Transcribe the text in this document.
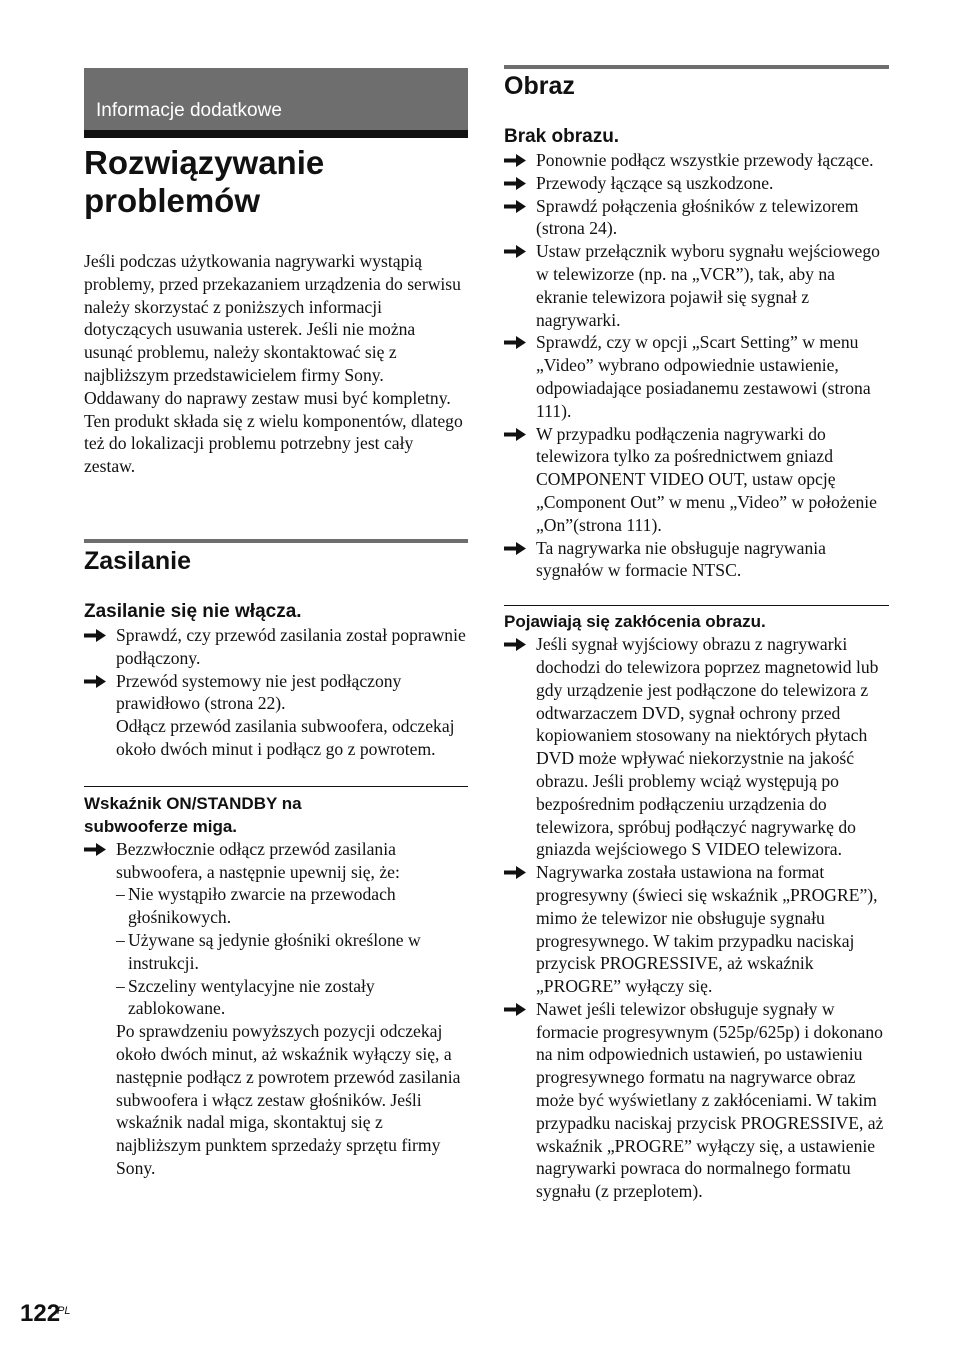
Informacje dodatkowe
Rozwiązywanie
problemów

Jeśli podczas użytkowania nagrywarki wystąpią problemy, przed przekazaniem urządzenia do serwisu należy skorzystać z poniższych informacji dotyczących usuwania usterek. Jeśli nie można usunąć problemu, należy skontaktować się z najbliższym przedstawicielem firmy Sony.

Oddawany do naprawy zestaw musi być kompletny.

Ten produkt składa się z wielu komponentów, dlatego też do lokalizacji problemu potrzebny jest cały zestaw.

Zasilanie
Zasilanie się nie włącza.
Sprawdź, czy przewód zasilania został poprawnie podłączony.
Przewód systemowy nie jest podłączony prawidłowo (strona 22).
Odłącz przewód zasilania subwoofera, odczekaj około dwóch minut i podłącz go z powrotem.
Wskaźnik ON/STANDBY na
subwooferze miga.
Bezzwłocznie odłącz przewód zasilania subwoofera, a następnie upewnij się, że:
– Nie wystąpiło zwarcie na przewodach głośnikowych.
– Używane są jedynie głośniki określone w instrukcji.
– Szczeliny wentylacyjne nie zostały zablokowane.
Po sprawdzeniu powyższych pozycji odczekaj około dwóch minut, aż wskaźnik wyłączy się, a następnie podłącz z powrotem przewód zasilania subwoofera i włącz zestaw głośników. Jeśli wskaźnik nadal miga, skontaktuj się z najbliższym punktem sprzedaży sprzętu firmy Sony.
Obraz
Brak obrazu.
Ponownie podłącz wszystkie przewody łączące.
Przewody łączące są uszkodzone.
Sprawdź połączenia głośników z telewizorem (strona 24).
Ustaw przełącznik wyboru sygnału wejściowego w telewizorze (np. na „VCR”), tak, aby na ekranie telewizora pojawił się sygnał z nagrywarki.
Sprawdź, czy w opcji „Scart Setting” w menu „Video” wybrano odpowiednie ustawienie, odpowiadające posiadanemu zestawowi (strona 111).
W przypadku podłączenia nagrywarki do telewizora tylko za pośrednictwem gniazd COMPONENT VIDEO OUT, ustaw opcję „Component Out” w menu „Video” w położenie „On”(strona 111).
Ta nagrywarka nie obsługuje nagrywania sygnałów w formacie NTSC.
Pojawiają się zakłócenia obrazu.
Jeśli sygnał wyjściowy obrazu z nagrywarki dochodzi do telewizora poprzez magnetowid lub gdy urządzenie jest podłączone do telewizora z odtwarzaczem DVD, sygnał ochrony przed kopiowaniem stosowany na niektórych płytach DVD może wpływać niekorzystnie na jakość obrazu. Jeśli problemy wciąż występują po bezpośrednim podłączeniu urządzenia do telewizora, spróbuj podłączyć nagrywarkę do gniazda wejściowego S VIDEO telewizora.
Nagrywarka została ustawiona na format progresywny (świeci się wskaźnik „PROGRE”), mimo że telewizor nie obsługuje sygnału progresywnego. W takim przypadku naciskaj przycisk PROGRESSIVE, aż wskaźnik „PROGRE” wyłączy się.
Nawet jeśli telewizor obsługuje sygnały w formacie progresywnym (525p/625p) i dokonano na nim odpowiednich ustawień, po ustawieniu progresywnego formatu na nagrywarce obraz może być wyświetlany z zakłóceniami. W takim przypadku naciskaj przycisk PROGRESSIVE, aż wskaźnik „PROGRE” wyłączy się, a ustawienie nagrywarki powraca do normalnego formatu sygnału (z przeplotem).
122
PL
